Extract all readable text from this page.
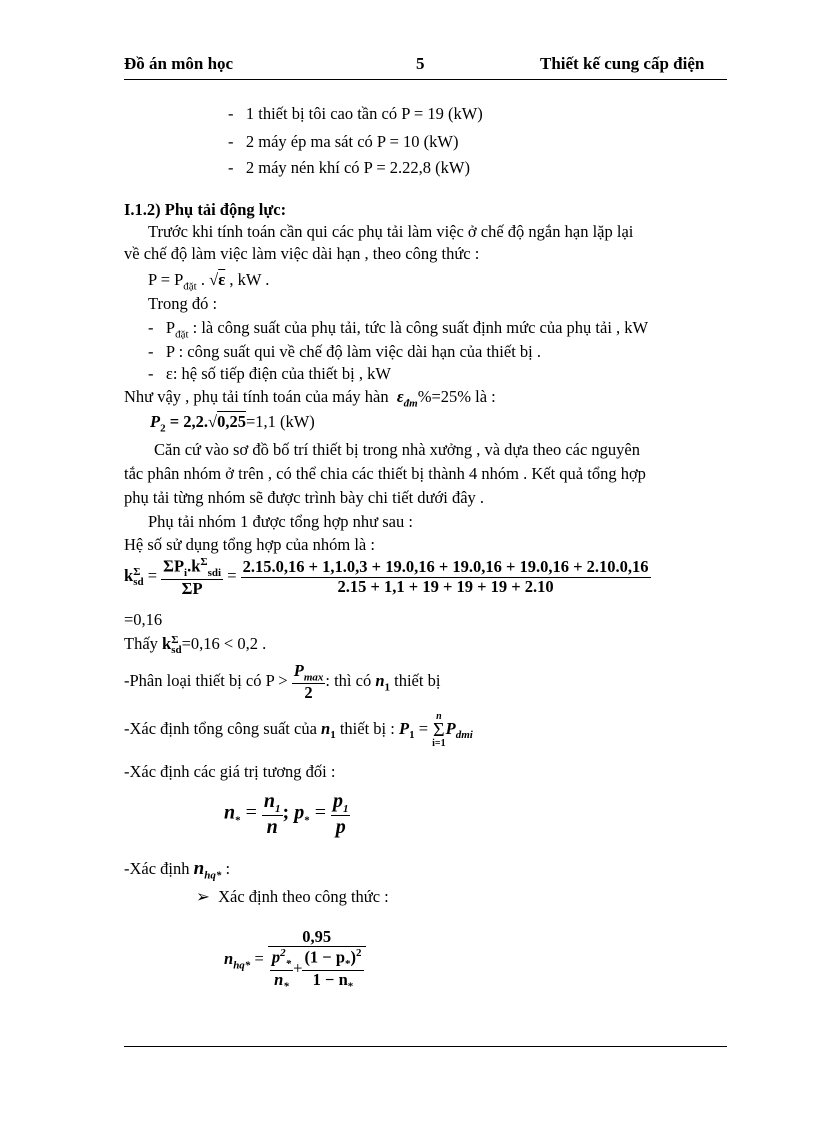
Đồ án môn học	5	Thiết kế cung cấp điện
-   1 thiết bị tôi cao tần có P = 19 (kW)
-   2 máy ép ma sát có P = 10 (kW)
-   2 máy nén khí có P = 2.22,8 (kW)
I.1.2) Phụ tải động lực:
Trước khi tính toán cần qui các phụ tải làm việc ở chế độ ngắn hạn lặp lại
về chế độ làm việc làm việc dài hạn , theo công thức :
$P = P_{đặt}$ . √ε , kW .
Trong đó :
- $P_{đặt}$ : là công suất của phụ tải, tức là công suất định mức của phụ tải , kW
- P : công suất qui về chế độ làm việc dài hạn của thiết bị .
- ε: hệ số tiếp điện của thiết bị , kW
Như vậy , phụ tải tính toán của máy hàn $\varepsilon_{đm}\%=25\%$ là :
$P_2 = 2,2.√0,25=1,1$ (kW)
Căn cứ vào sơ đồ bố trí thiết bị trong nhà xưởng , và dựa theo các nguyên
tắc phân nhóm ở trên , có thể chia các thiết bị thành 4 nhóm . Kết quả tổng hợp
phụ tải từng nhóm sẽ được trình bày chi tiết dưới đây .
Phụ tải nhóm 1 được tổng hợp như sau :
Hệ số sử dụng tổng hợp của nhóm là :
k Σ
sd = $\frac{\Sigma P_i.k^\Sigma_{sdi}}{\Sigma P} = 2.15.0,16 + 1,1.0,3 + 19.0,16 + 19.0,16 + 19.0,16 + 2.10.0,16$
2.15 + 1,1 + 19 + 19 + 19 + 2.10
=0,16
Thấy k Σ
sd =0,16 < 0,2 .
-Phân loại thiết bị có $P > \frac{P_{max}}{2}$ : thì có $n_1$ thiết bị
-Xác định tổng công suất của $n_1$ thiết bị : $P_1$ =
n
Σ
i=1
$P_{dmi}$
-Xác định các giá trị tương đối :
$n_* = \frac{n_1}{n}$ ; $p_* = \frac{p_1}{p}$
-Xác định $n_{hq*}$ :
➢ Xác định theo công thức :
$n_{hq*} = \frac{0,95}{\frac{p^2_*}{n_*} + \frac{(1 - p_*)^2}{1 - n_*}}$
